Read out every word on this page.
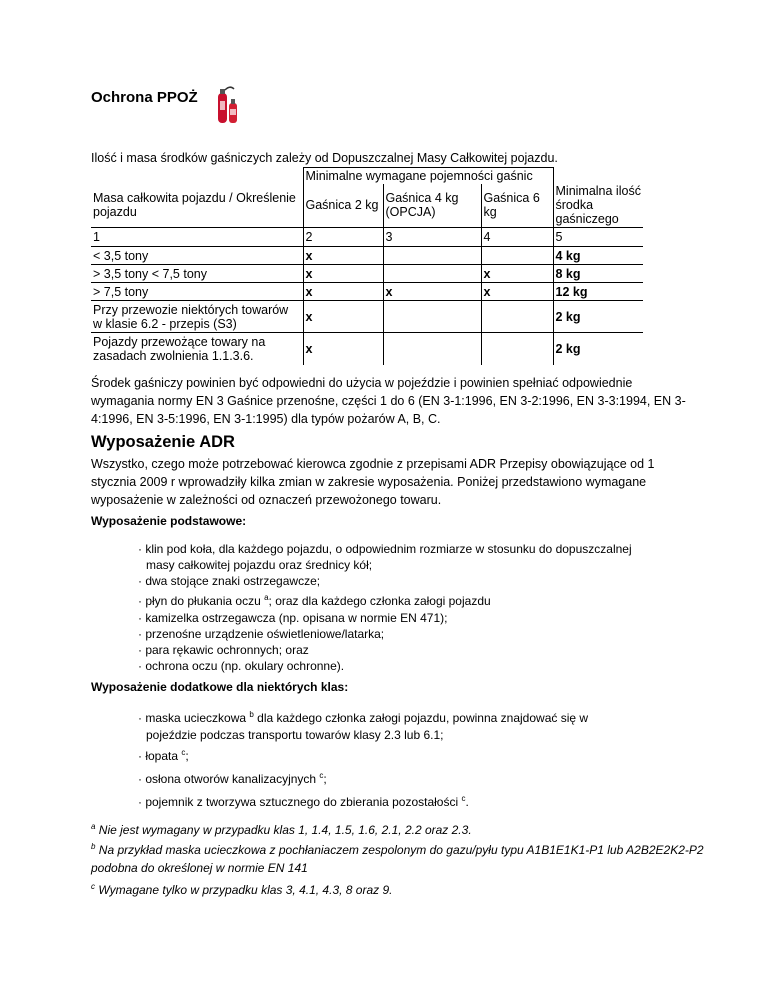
Ochrona PPOŻ
Ilość i masa środków gaśniczych zależy od Dopuszczalnej Masy Całkowitej pojazdu.
	Minimalne wymagane pojemności gaśnic			
Masa całkowita pojazdu / Określenie pojazdu	Gaśnica 2 kg	Gaśnica 4 kg (OPCJA)	Gaśnica 6 kg	Minimalna ilość środka gaśniczego
1	2	3	4	5
< 3,5 tony	x			4 kg
> 3,5 tony < 7,5 tony	x		x	8 kg
> 7,5 tony	x	x	x	12 kg
Przy przewozie niektórych towarów w klasie 6.2 - przepis (S3)	x			2 kg
Pojazdy przewożące towary na zasadach zwolnienia 1.1.3.6.	x			2 kg
Środek gaśniczy powinien być odpowiedni do użycia w pojeździe i powinien spełniać odpowiednie wymagania normy EN 3 Gaśnice przenośne, części 1 do 6 (EN 3-1:1996, EN 3-2:1996, EN 3-3:1994, EN 3-4:1996, EN 3-5:1996, EN 3-1:1995) dla typów pożarów A, B, C.
Wyposażenie ADR
Wszystko, czego może potrzebować kierowca zgodnie z przepisami ADR Przepisy obowiązujące od 1 stycznia 2009 r wprowadziły kilka zmian w zakresie wyposażenia. Poniżej przedstawiono wymagane wyposażenie w zależności od oznaczeń przewożonego towaru.
Wyposażenie podstawowe:
· klin pod koła, dla każdego pojazdu, o odpowiednim rozmiarze w stosunku do dopuszczalnej
masy całkowitej pojazdu oraz średnicy kół;
· dwa stojące znaki ostrzegawcze;
· płyn do płukania oczu $^a$; oraz dla każdego członka załogi pojazdu
· kamizelka ostrzegawcza (np. opisana w normie EN 471);
· przenośne urządzenie oświetleniowe/latarka;
· para rękawic ochronnych; oraz
· ochrona oczu (np. okulary ochronne).
Wyposażenie dodatkowe dla niektórych klas:
· maska ucieczkowa $^b$ dla każdego członka załogi pojazdu, powinna znajdować się w
pojeździe podczas transportu towarów klasy 2.3 lub 6.1;
· łopata $^c$;
· osłona otworów kanalizacyjnych $^c$;
· pojemnik z tworzywa sztucznego do zbierania pozostałości $^c$.
$^a$ Nie jest wymagany w przypadku klas 1, 1.4, 1.5, 1.6, 2.1, 2.2 oraz 2.3.
$^b$ Na przykład maska ucieczkowa z pochłaniaczem zespolonym do gazu/pyłu typu A1B1E1K1-P1 lub A2B2E2K2-P2 podobna do określonej w normie EN 141
$^c$ Wymagane tylko w przypadku klas 3, 4.1, 4.3, 8 oraz 9.
